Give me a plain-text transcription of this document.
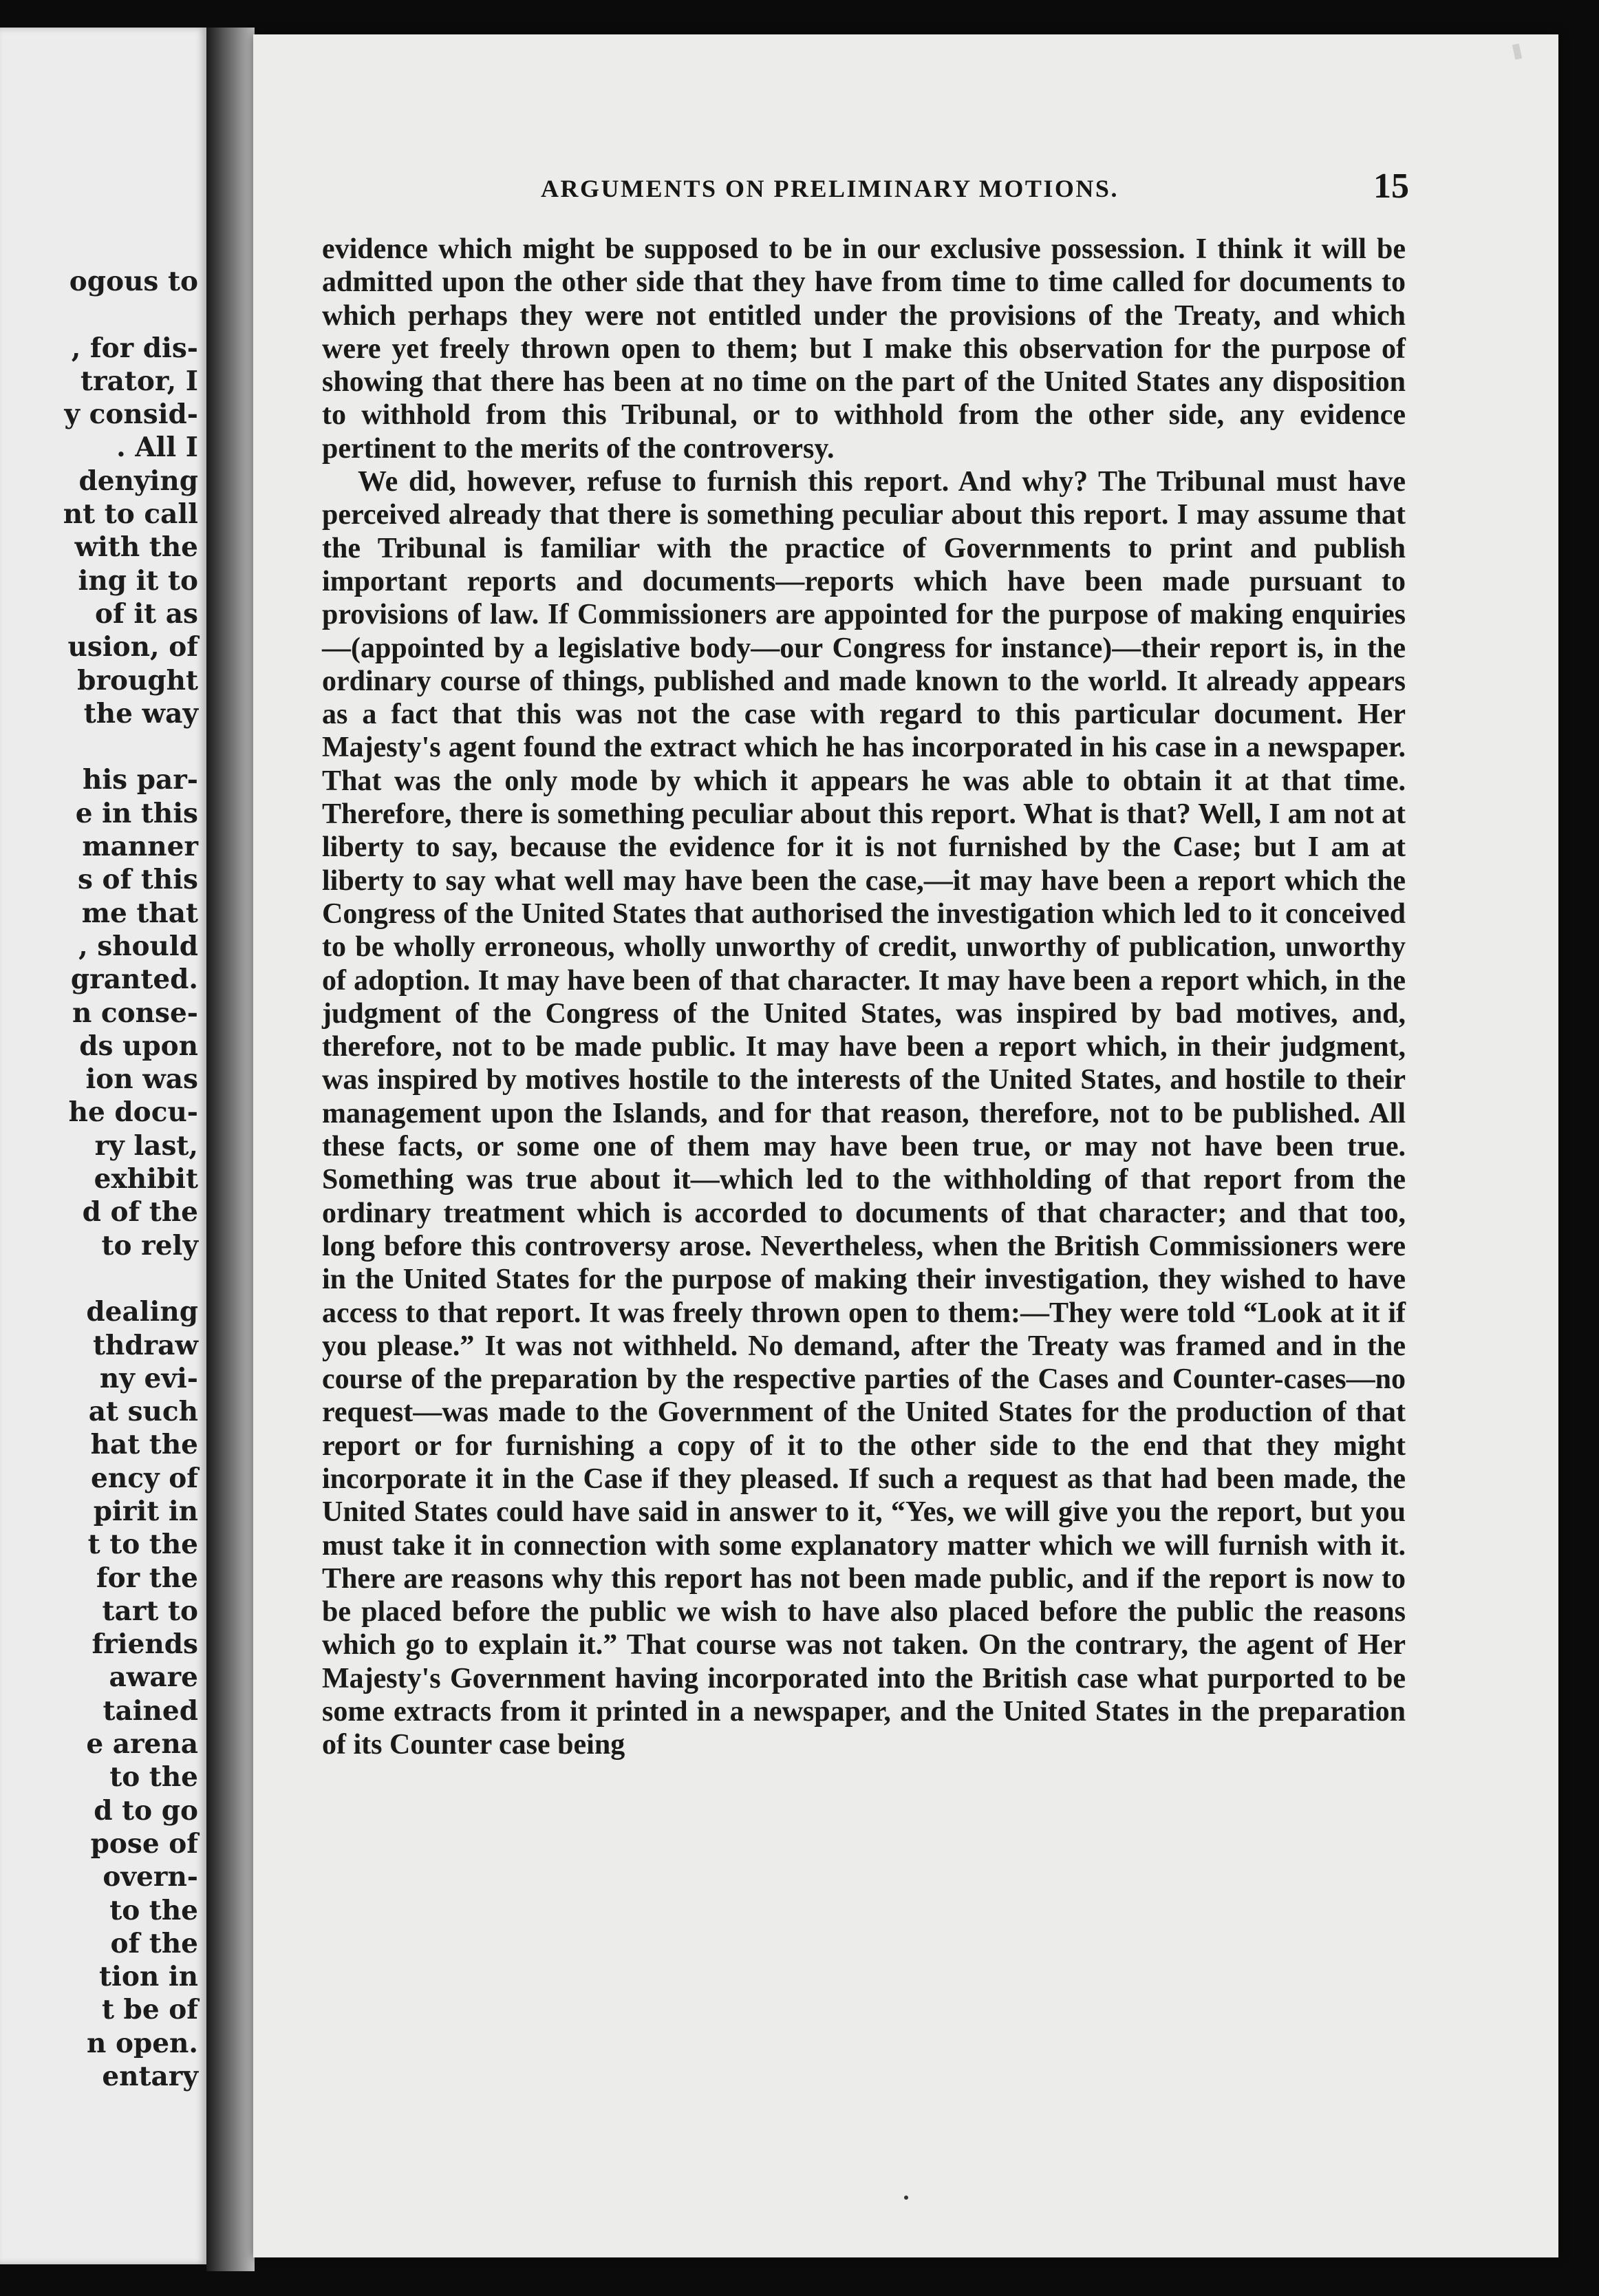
ogous to

, for dis-
trator, I
y consid-
. All I
denying
nt to call
with the
ing it to
of it as
usion, of
brought
the way

his par-
e in this
manner
s of this
me that
, should
granted.
n conse-
ds upon
ion was
he docu-
ry last,
exhibit
d of the
to rely

dealing
thdraw
ny evi-
at such
hat the
ency of
pirit in
t to the
for the
tart to
friends
aware
tained
e arena
to the
d to go
pose of
overn-
to the
of the
tion in
t be of
n open.
entary
ARGUMENTS ON PRELIMINARY MOTIONS.	15

evidence which might be supposed to be in our exclusive possession. I think it will be admitted upon the other side that they have from time to time called for documents to which perhaps they were not entitled under the provisions of the Treaty, and which were yet freely thrown open to them; but I make this observation for the purpose of showing that there has been at no time on the part of the United States any disposition to withhold from this Tribunal, or to withhold from the other side, any evidence pertinent to the merits of the controversy.

We did, however, refuse to furnish this report. And why? The Tribunal must have perceived already that there is something peculiar about this report. I may assume that the Tribunal is familiar with the practice of Governments to print and publish important reports and documents—reports which have been made pursuant to provisions of law. If Commissioners are appointed for the purpose of making enquiries—(appointed by a legislative body—our Congress for instance)—their report is, in the ordinary course of things, published and made known to the world. It already appears as a fact that this was not the case with regard to this particular document. Her Majesty's agent found the extract which he has incorporated in his case in a newspaper. That was the only mode by which it appears he was able to obtain it at that time. Therefore, there is something peculiar about this report. What is that? Well, I am not at liberty to say, because the evidence for it is not furnished by the Case; but I am at liberty to say what well may have been the case,—it may have been a report which the Congress of the United States that authorised the investigation which led to it conceived to be wholly erroneous, wholly unworthy of credit, unworthy of publication, unworthy of adoption. It may have been of that character. It may have been a report which, in the judgment of the Congress of the United States, was inspired by bad motives, and, therefore, not to be made public. It may have been a report which, in their judgment, was inspired by motives hostile to the interests of the United States, and hostile to their management upon the Islands, and for that reason, therefore, not to be published. All these facts, or some one of them may have been true, or may not have been true. Something was true about it—which led to the withholding of that report from the ordinary treatment which is accorded to documents of that character; and that too, long before this controversy arose. Nevertheless, when the British Commissioners were in the United States for the purpose of making their investigation, they wished to have access to that report. It was freely thrown open to them:—They were told “Look at it if you please.” It was not withheld. No demand, after the Treaty was framed and in the course of the preparation by the respective parties of the Cases and Counter-cases—no request—was made to the Government of the United States for the production of that report or for furnishing a copy of it to the other side to the end that they might incorporate it in the Case if they pleased. If such a request as that had been made, the United States could have said in answer to it, “Yes, we will give you the report, but you must take it in connection with some explanatory matter which we will furnish with it. There are reasons why this report has not been made public, and if the report is now to be placed before the public we wish to have also placed before the public the reasons which go to explain it.” That course was not taken. On the contrary, the agent of Her Majesty's Government having incorporated into the British case what purported to be some extracts from it printed in a newspaper, and the United States in the preparation of its Counter case being
